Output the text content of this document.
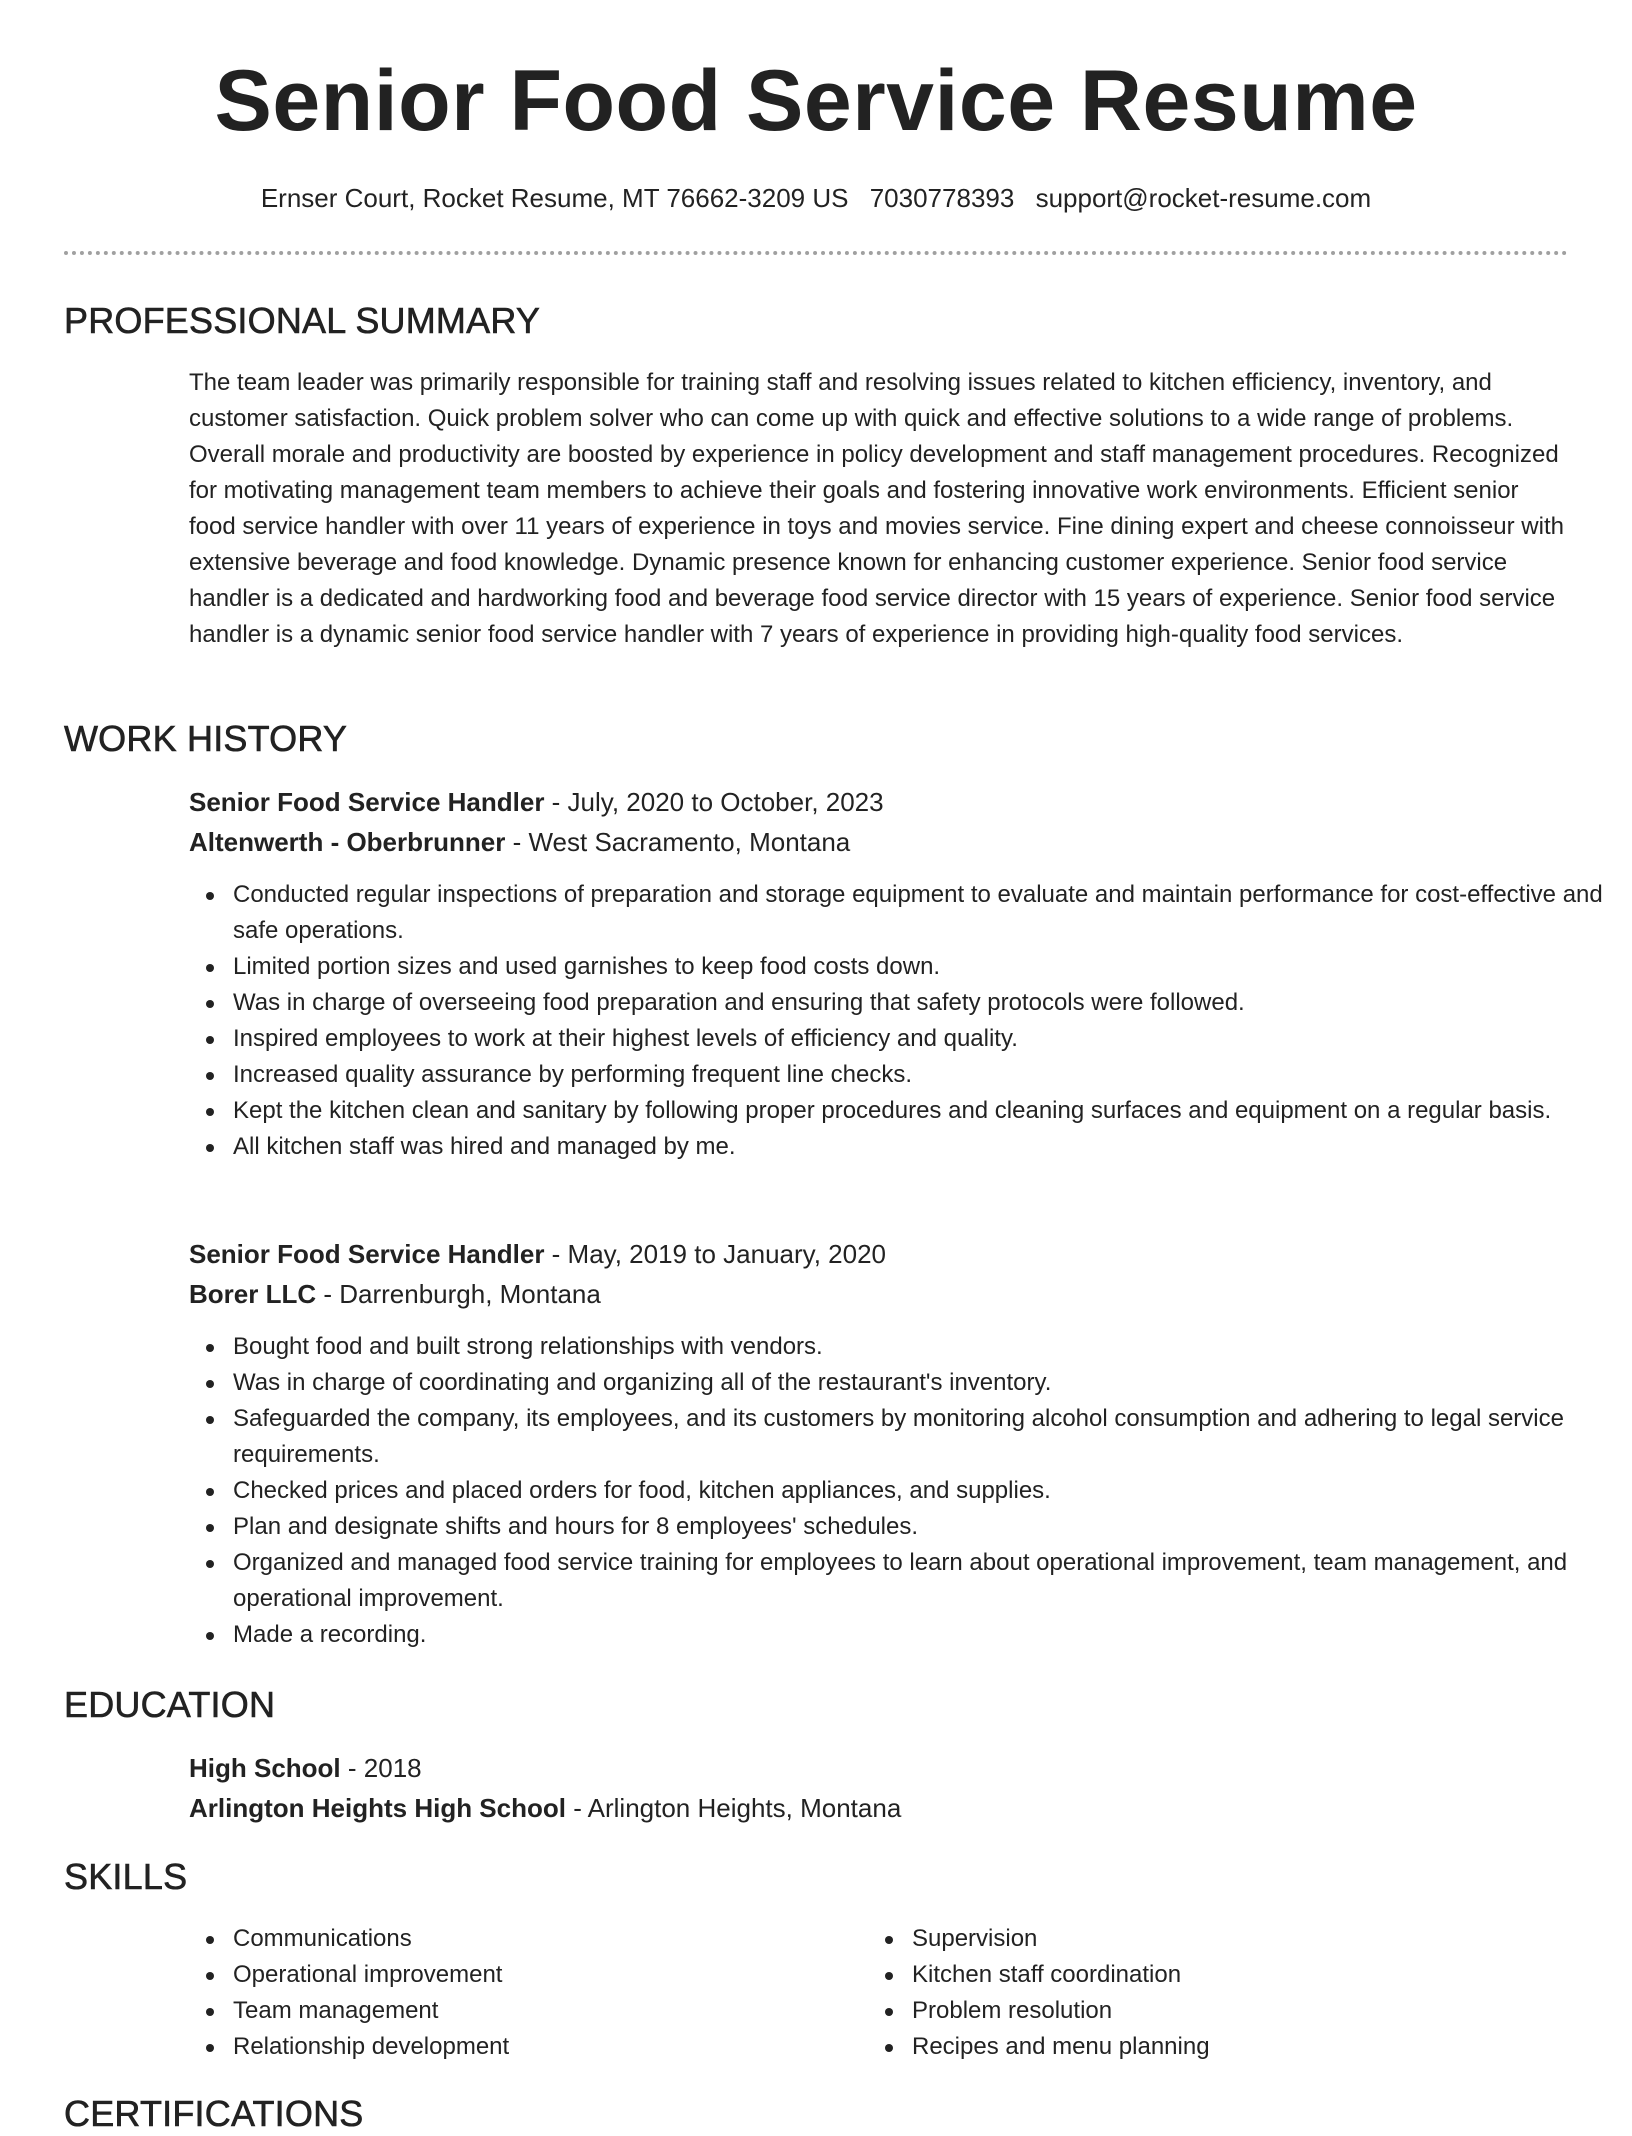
Senior Food Service Resume
Ernser Court, Rocket Resume, MT 76662-3209 US 7030778393 support@rocket-resume.com
PROFESSIONAL SUMMARY

The team leader was primarily responsible for training staff and resolving issues related to kitchen efficiency, inventory, and customer satisfaction. Quick problem solver who can come up with quick and effective solutions to a wide range of problems. Overall morale and productivity are boosted by experience in policy development and staff management procedures. Recognized for motivating management team members to achieve their goals and fostering innovative work environments. Efficient senior food service handler with over 11 years of experience in toys and movies service. Fine dining expert and cheese connoisseur with extensive beverage and food knowledge. Dynamic presence known for enhancing customer experience. Senior food service handler is a dedicated and hardworking food and beverage food service director with 15 years of experience. Senior food service handler is a dynamic senior food service handler with 7 years of experience in providing high-quality food services.

WORK HISTORY
Senior Food Service Handler - July, 2020 to October, 2023
Altenwerth - Oberbrunner - West Sacramento, Montana
Conducted regular inspections of preparation and storage equipment to evaluate and maintain performance for cost-effective and safe operations.
Limited portion sizes and used garnishes to keep food costs down.
Was in charge of overseeing food preparation and ensuring that safety protocols were followed.
Inspired employees to work at their highest levels of efficiency and quality.
Increased quality assurance by performing frequent line checks.
Kept the kitchen clean and sanitary by following proper procedures and cleaning surfaces and equipment on a regular basis.
All kitchen staff was hired and managed by me.
Senior Food Service Handler - May, 2019 to January, 2020
Borer LLC - Darrenburgh, Montana
Bought food and built strong relationships with vendors.
Was in charge of coordinating and organizing all of the restaurant's inventory.
Safeguarded the company, its employees, and its customers by monitoring alcohol consumption and adhering to legal service requirements.
Checked prices and placed orders for food, kitchen appliances, and supplies.
Plan and designate shifts and hours for 8 employees' schedules.
Organized and managed food service training for employees to learn about operational improvement, team management, and operational improvement.
Made a recording.
EDUCATION
High School - 2018
Arlington Heights High School - Arlington Heights, Montana
SKILLS
Communications
Operational improvement
Team management
Relationship development
Supervision
Kitchen staff coordination
Problem resolution
Recipes and menu planning
CERTIFICATIONS
